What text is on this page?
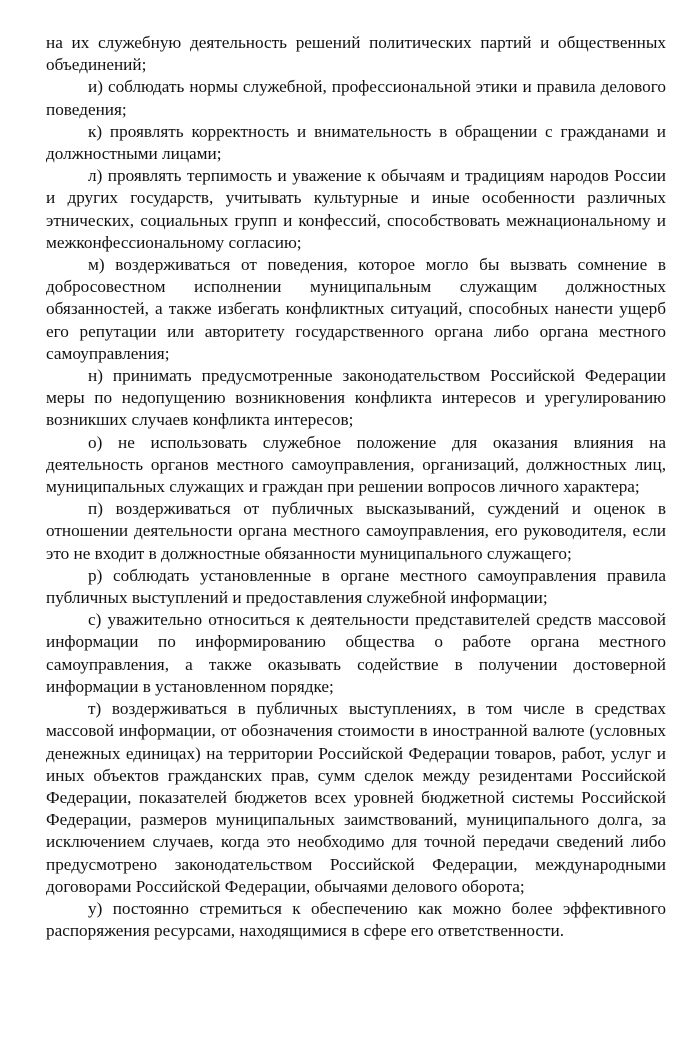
на их служебную деятельность решений политических партий и общественных объединений;

и) соблюдать нормы служебной, профессиональной этики и правила делового поведения;

к) проявлять корректность и внимательность в обращении с гражданами и должностными лицами;

л) проявлять терпимость и уважение к обычаям и традициям народов России и других государств, учитывать культурные и иные особенности различных этнических, социальных групп и конфессий, способствовать межнациональному и межконфессиональному согласию;

м) воздерживаться от поведения, которое могло бы вызвать сомнение в добросовестном исполнении муниципальным служащим должностных обязанностей, а также избегать конфликтных ситуаций, способных нанести ущерб его репутации или авторитету государственного органа либо органа местного самоуправления;

н) принимать предусмотренные законодательством Российской Федерации меры по недопущению возникновения конфликта интересов и урегулированию возникших случаев конфликта интересов;

о) не использовать служебное положение для оказания влияния на деятельность органов местного самоуправления, организаций, должностных лиц, муниципальных служащих и граждан при решении вопросов личного характера;

п) воздерживаться от публичных высказываний, суждений и оценок в отношении деятельности органа местного самоуправления, его руководителя, если это не входит в должностные обязанности муниципального служащего;

р) соблюдать установленные в органе местного самоуправления правила публичных выступлений и предоставления служебной информации;

с) уважительно относиться к деятельности представителей средств массовой информации по информированию общества о работе органа местного самоуправления, а также оказывать содействие в получении достоверной информации в установленном порядке;

т) воздерживаться в публичных выступлениях, в том числе в средствах массовой информации, от обозначения стоимости в иностранной валюте (условных денежных единицах) на территории Российской Федерации товаров, работ, услуг и иных объектов гражданских прав, сумм сделок между резидентами Российской Федерации, показателей бюджетов всех уровней бюджетной системы Российской Федерации, размеров муниципальных заимствований, муниципального долга, за исключением случаев, когда это необходимо для точной передачи сведений либо предусмотрено законодательством Российской Федерации, международными договорами Российской Федерации, обычаями делового оборота;

у) постоянно стремиться к обеспечению как можно более эффективного распоряжения ресурсами, находящимися в сфере его ответственности.
